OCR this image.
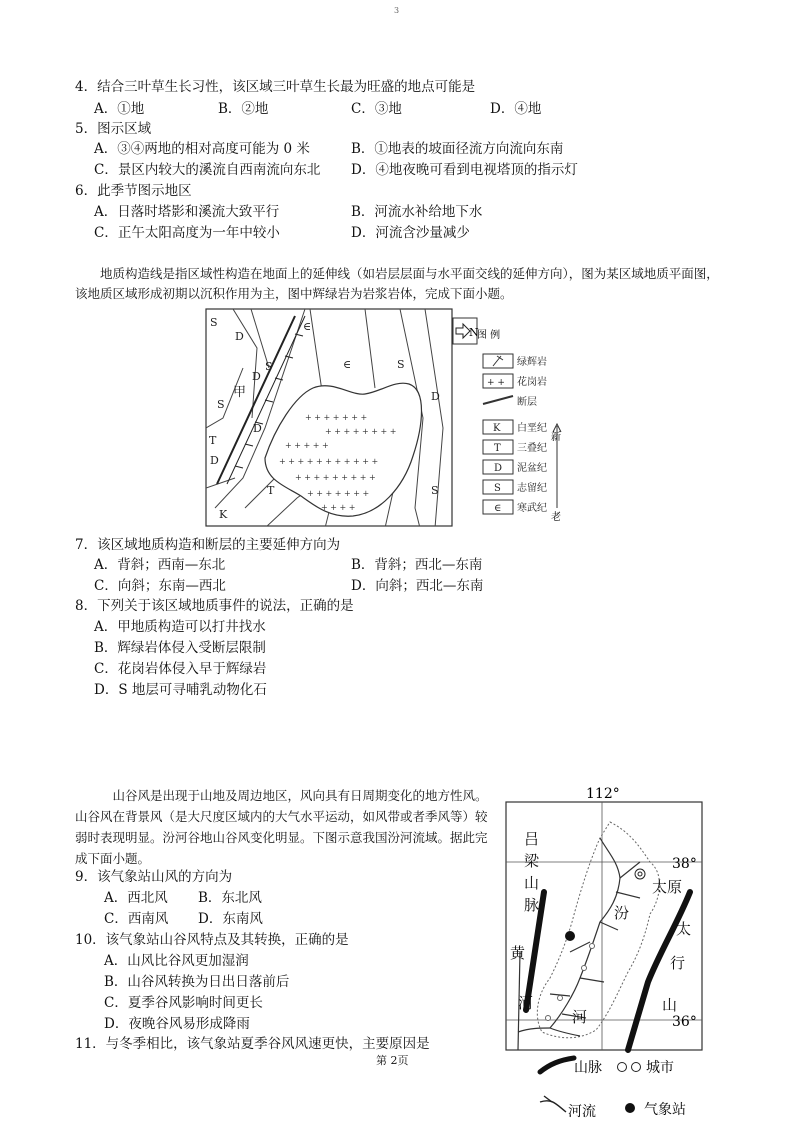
3
4．结合三叶草生长习性，该区域三叶草生长最为旺盛的地点可能是
A．①地	B．②地	C．③地	D．④地
5．图示区域
A．③④两地的相对高度可能为 0 米	B．①地表的坡面径流方向流向东南
C．景区内较大的溪流自西南流向东北 D．④地夜晚可看到电视塔顶的指示灯
6．此季节图示地区
A．日落时塔影和溪流大致平行	B．河流水补给地下水
C．正午太阳高度为一年中较小	D．河流含沙量减少
地质构造线是指区域性构造在地面上的延伸线（如岩层层面与水平面交线的延伸方向），图为某区域地质平面图，该地质区域形成初期以沉积作用为主，图中辉绿岩为岩浆岩体，完成下面小题。
+ + + + +
+ + + + + + +
+ + + + + + + + + + +
+ + + + + + + + +
+ + + + + + +
+ + + +
+ + + + + + + +
S
D
∈
S	∈	S
D
S
甲
D
D
T
D
T	S
K
N
图 例
+ +
K
T
D
S
∈
绿辉岩
花岗岩
断层
白垩纪
三叠纪
泥盆纪
志留纪
寒武纪
新
老
7．该区域地质构造和断层的主要延伸方向为
A．背斜；西南—东北	B．背斜；西北—东南
C．向斜；东南—西北	D．向斜；西北—东南
8．下列关于该区域地质事件的说法，正确的是
A．甲地质构造可以打井找水
B．辉绿岩体侵入受断层限制
C．花岗岩体侵入早于辉绿岩
D．S 地层可寻哺乳动物化石
山谷风是出现于山地及周边地区，风向具有日周期变化的地方性风。山谷风在背景风（是大尺度区域内的大气水平运动，如风带或者季风等）较弱时表现明显。汾河谷地山谷风变化明显。下图示意我国汾河流域。据此完成下面小题。
9．该气象站山风的方向为
A．西北风 B．东北风
C．西南风 D．东南风
10．该气象站山谷风特点及其转换，正确的是
A．山风比谷风更加湿润
B．山谷风转换为日出日落前后
C．夏季谷风影响时间更长
D．夜晚谷风易形成降雨
11．与冬季相比，该气象站夏季谷风风速更快，主要原因是
第 2页
112°
38°
36°
吕
梁
山
脉
太原
汾
太
行
山
黄
河
河
山脉	城市
河流	气象站
